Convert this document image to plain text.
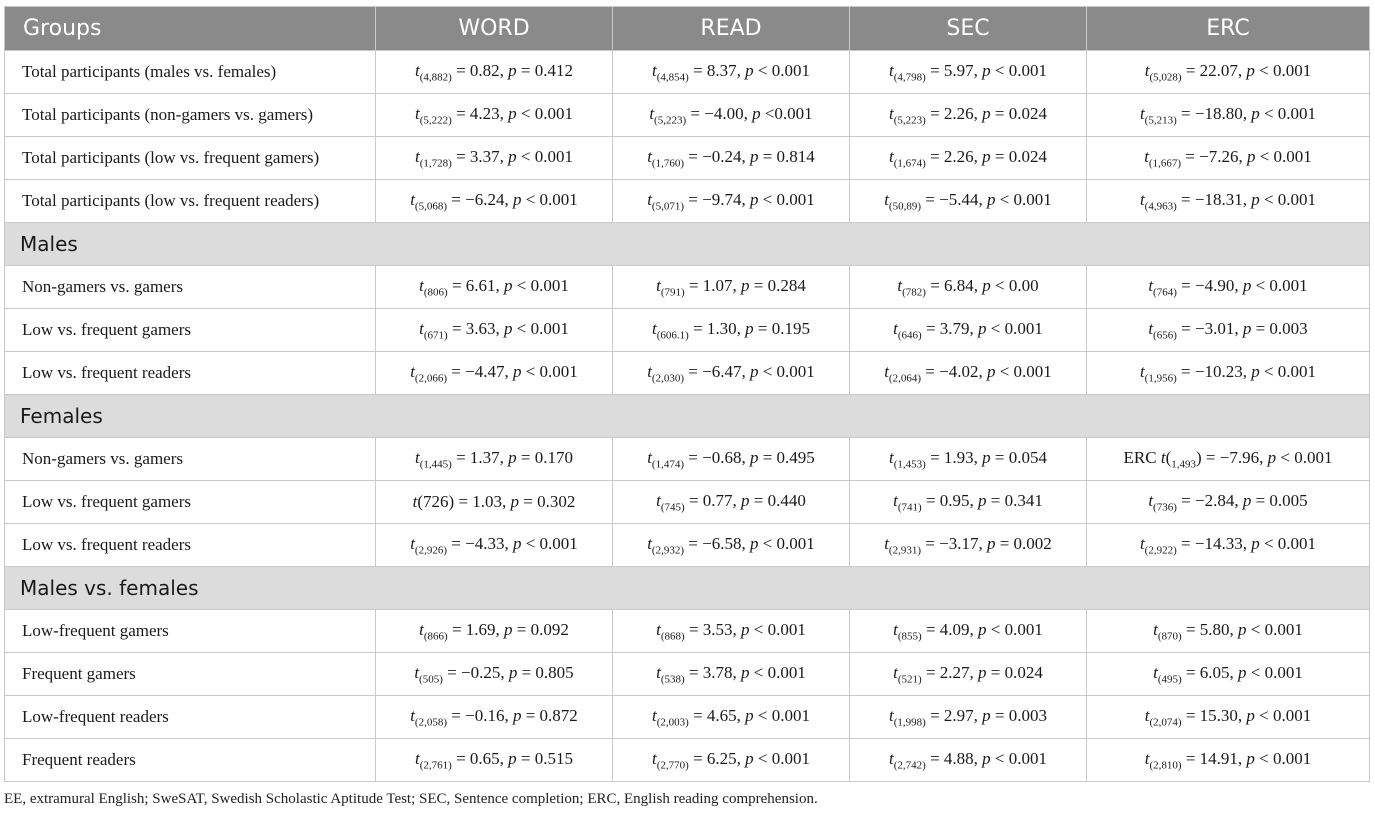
Groups	WORD	READ	SEC	ERC
Total participants (males vs. females)	$t_{(4,882)} = 0.82$, p = 0.412	$t_{(4,854)} = 8.37$, p < 0.001	$t_{(4,798)} = 5.97$, p < 0.001	$t_{(5,028)} = 22.07$, p < 0.001
Total participants (non-gamers vs. gamers)	$t_{(5,222)} = 4.23$, p < 0.001	$t_{(5,223)} = -4.00$, p <0.001	$t_{(5,223)} = 2.26$, p = 0.024	$t_{(5,213)} = -18.80$, p < 0.001
Total participants (low vs. frequent gamers)	$t_{(1,728)} = 3.37$, p < 0.001	$t_{(1,760)} = -0.24$, p = 0.814	$t_{(1,674)} = 2.26$, p = 0.024	$t_{(1,667)} = -7.26$, p < 0.001
Total participants (low vs. frequent readers)	$t_{(5,068)} = -6.24$, p < 0.001	$t_{(5,071)} = -9.74$, p < 0.001	$t_{(50,89)} = -5.44$, p < 0.001	$t_{(4,963)} = -18.31$, p < 0.001
Males				
Non-gamers vs. gamers	$t_{(806)} = 6.61$, p < 0.001	$t_{(791)} = 1.07$, p = 0.284	$t_{(782)} = 6.84$, p < 0.00	$t_{(764)} = -4.90$, p < 0.001
Low vs. frequent gamers	$t_{(671)} = 3.63$, p < 0.001	$t_{(606.1)} = 1.30$, p = 0.195	$t_{(646)} = 3.79$, p < 0.001	$t_{(656)} = -3.01$, p = 0.003
Low vs. frequent readers	$t_{(2,066)} = -4.47$, p < 0.001	$t_{(2,030)} = -6.47$, p < 0.001	$t_{(2,064)} = -4.02$, p < 0.001	$t_{(1,956)} = -10.23$, p < 0.001
Females				
Non-gamers vs. gamers	$t_{(1,445)} = 1.37$, p = 0.170	$t_{(1,474)} = -0.68$, p = 0.495	$t_{(1,453)} = 1.93$, p = 0.054	ERC $t(_{1,493}) = -7.96$, p < 0.001
Low vs. frequent gamers	t(726) = 1.03, p = 0.302	$t_{(745)} = 0.77$, p = 0.440	$t_{(741)} = 0.95$, p = 0.341	$t_{(736)} = -2.84$, p = 0.005
Low vs. frequent readers	$t_{(2,926)} = -4.33$, p < 0.001	$t_{(2,932)} = -6.58$, p < 0.001	$t_{(2,931)} = -3.17$, p = 0.002	$t_{(2,922)} = -14.33$, p < 0.001
Males vs. females				
Low-frequent gamers	$t_{(866)} = 1.69$, p = 0.092	$t_{(868)} = 3.53$, p < 0.001	$t_{(855)} = 4.09$, p < 0.001	$t_{(870)} = 5.80$, p < 0.001
Frequent gamers	$t_{(505)} = -0.25$, p = 0.805	$t_{(538)} = 3.78$, p < 0.001	$t_{(521)} = 2.27$, p = 0.024	$t_{(495)} = 6.05$, p < 0.001
Low-frequent readers	$t_{(2,058)} = -0.16$, p = 0.872	$t_{(2,003)} = 4.65$, p < 0.001	$t_{(1,998)} = 2.97$, p = 0.003	$t_{(2,074)} = 15.30$, p < 0.001
Frequent readers	$t_{(2,761)} = 0.65$, p = 0.515	$t_{(2,770)} = 6.25$, p < 0.001	$t_{(2,742)} = 4.88$, p < 0.001	$t_{(2,810)} = 14.91$, p < 0.001
EE, extramural English; SweSAT, Swedish Scholastic Aptitude Test; SEC, Sentence completion; ERC, English reading comprehension.
